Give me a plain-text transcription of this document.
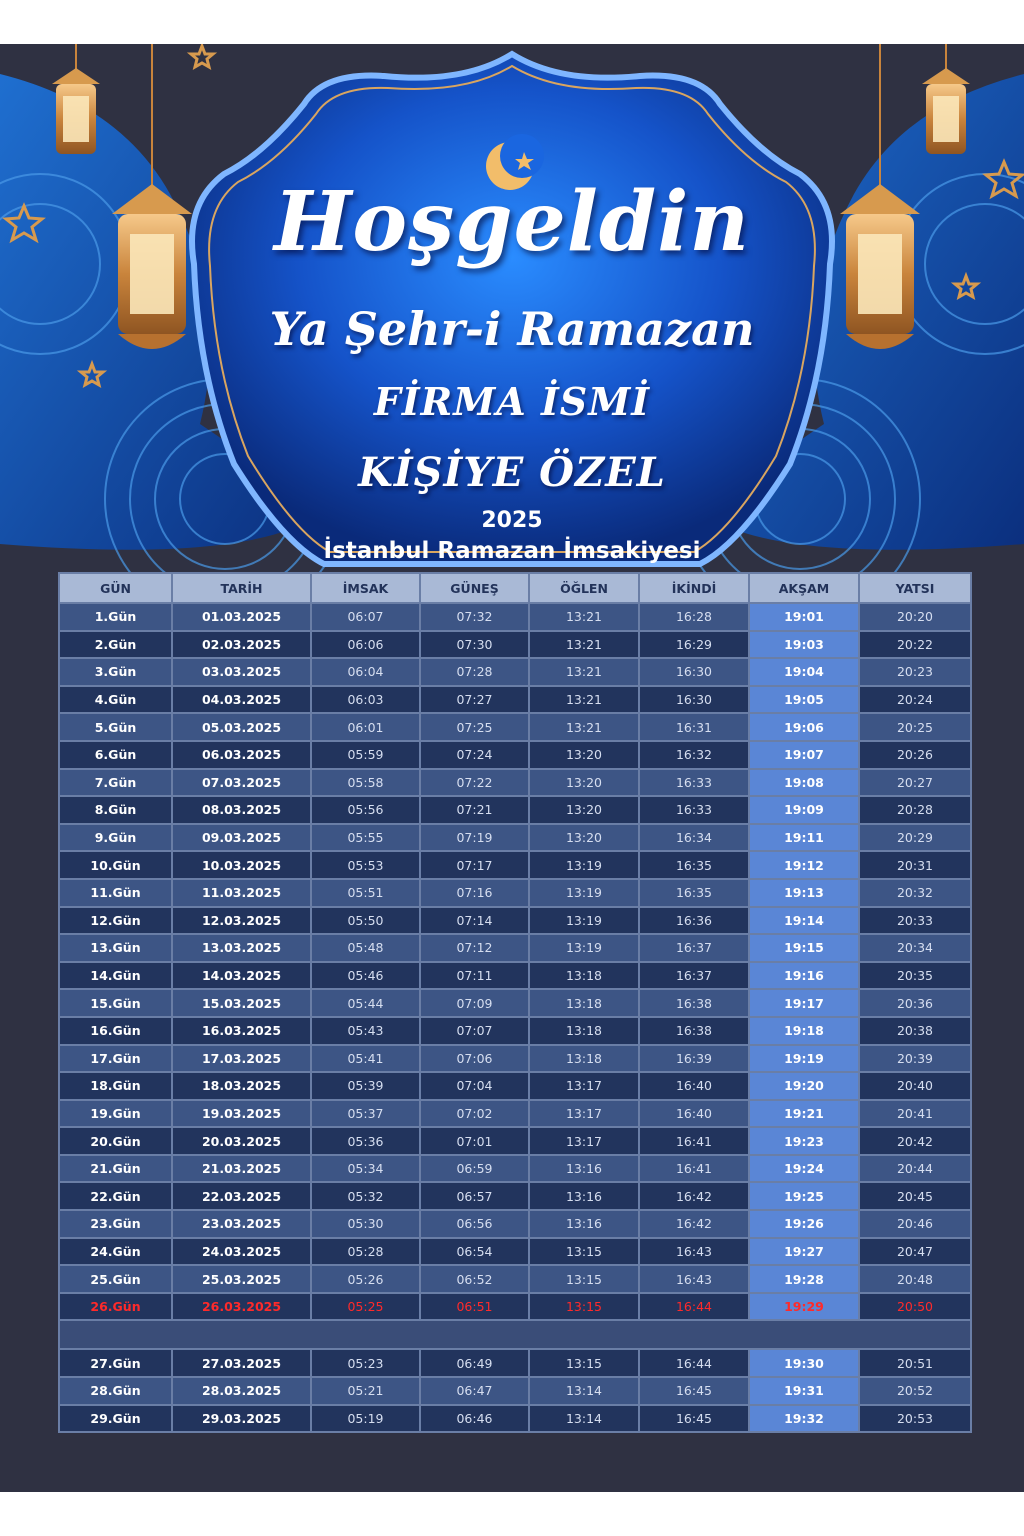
Hoşgeldin
Ya Şehr-i Ramazan
FİRMA İSMİ
KİŞİYE ÖZEL
2025
İstanbul Ramazan İmsakiyesi
GÜN	TARİH	İMSAK	GÜNEŞ	ÖĞLEN	İKİNDİ	AKŞAM	YATSI
1.Gün	01.03.2025	06:07	07:32	13:21	16:28	19:01	20:20
2.Gün	02.03.2025	06:06	07:30	13:21	16:29	19:03	20:22
3.Gün	03.03.2025	06:04	07:28	13:21	16:30	19:04	20:23
4.Gün	04.03.2025	06:03	07:27	13:21	16:30	19:05	20:24
5.Gün	05.03.2025	06:01	07:25	13:21	16:31	19:06	20:25
6.Gün	06.03.2025	05:59	07:24	13:20	16:32	19:07	20:26
7.Gün	07.03.2025	05:58	07:22	13:20	16:33	19:08	20:27
8.Gün	08.03.2025	05:56	07:21	13:20	16:33	19:09	20:28
9.Gün	09.03.2025	05:55	07:19	13:20	16:34	19:11	20:29
10.Gün	10.03.2025	05:53	07:17	13:19	16:35	19:12	20:31
11.Gün	11.03.2025	05:51	07:16	13:19	16:35	19:13	20:32
12.Gün	12.03.2025	05:50	07:14	13:19	16:36	19:14	20:33
13.Gün	13.03.2025	05:48	07:12	13:19	16:37	19:15	20:34
14.Gün	14.03.2025	05:46	07:11	13:18	16:37	19:16	20:35
15.Gün	15.03.2025	05:44	07:09	13:18	16:38	19:17	20:36
16.Gün	16.03.2025	05:43	07:07	13:18	16:38	19:18	20:38
17.Gün	17.03.2025	05:41	07:06	13:18	16:39	19:19	20:39
18.Gün	18.03.2025	05:39	07:04	13:17	16:40	19:20	20:40
19.Gün	19.03.2025	05:37	07:02	13:17	16:40	19:21	20:41
20.Gün	20.03.2025	05:36	07:01	13:17	16:41	19:23	20:42
21.Gün	21.03.2025	05:34	06:59	13:16	16:41	19:24	20:44
22.Gün	22.03.2025	05:32	06:57	13:16	16:42	19:25	20:45
23.Gün	23.03.2025	05:30	06:56	13:16	16:42	19:26	20:46
24.Gün	24.03.2025	05:28	06:54	13:15	16:43	19:27	20:47
25.Gün	25.03.2025	05:26	06:52	13:15	16:43	19:28	20:48
26.Gün	26.03.2025	05:25	06:51	13:15	16:44	19:29	20:50

27.Gün	27.03.2025	05:23	06:49	13:15	16:44	19:30	20:51
28.Gün	28.03.2025	05:21	06:47	13:14	16:45	19:31	20:52
29.Gün	29.03.2025	05:19	06:46	13:14	16:45	19:32	20:53
